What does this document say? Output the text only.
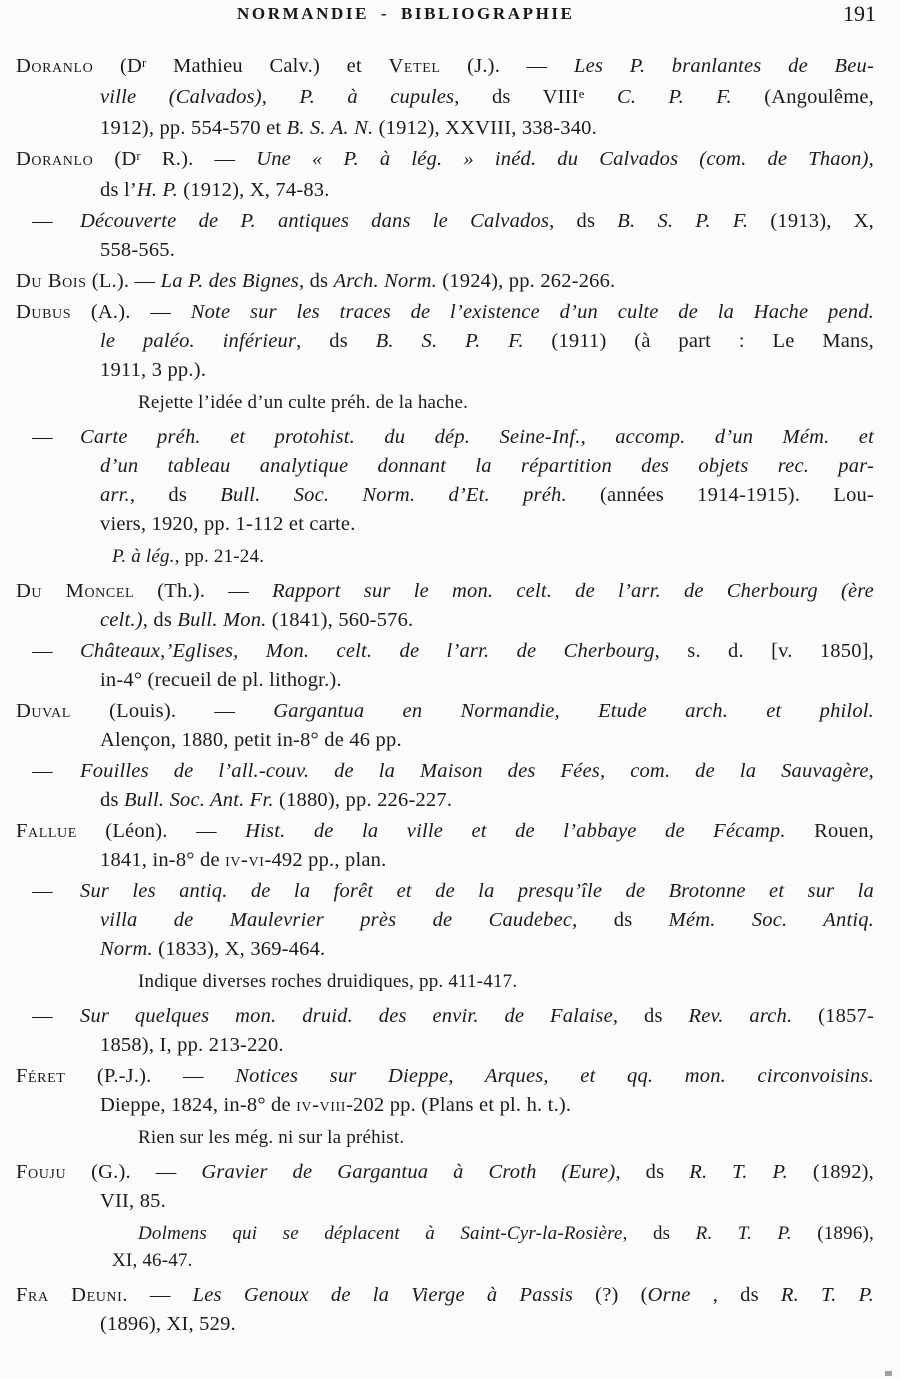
NORMANDIE - BIBLIOGRAPHIE	191
Doranlo ($D^r$ Mathieu Calv.) et Vetel (J.). — Les P. branlantes de Beu-
ville (Calvados), P. à cupules, ds VIIIe C. P. F. (Angoulême,
1912), pp. 554-570 et B. S. A. N. (1912), XXVIII, 338-340.
Doranlo ($D^r$ R.). — Une « P. à lég. » inéd. du Calvados (com. de Thaon),
ds l’H. P. (1912), X, 74-83.
— Découverte de P. antiques dans le Calvados, ds B. S. P. F. (1913), X,
558-565.
Du Bois (L.). — La P. des Bignes, ds Arch. Norm. (1924), pp. 262-266.
Dubus (A.). — Note sur les traces de l’existence d’un culte de la Hache pend.
le paléo. inférieur, ds B. S. P. F. (1911) (à part : Le Mans,
1911, 3 pp.).
Rejette l’idée d’un culte préh. de la hache.
— Carte préh. et protohist. du dép. Seine-Inf., accomp. d’un Mém. et
d’un tableau analytique donnant la répartition des objets rec. par-
arr., ds Bull. Soc. Norm. d’Et. préh. (années 1914-1915). Lou-
viers, 1920, pp. 1-112 et carte.
P. à lég., pp. 21-24.
Du Moncel (Th.). — Rapport sur le mon. celt. de l’arr. de Cherbourg (ère
celt.), ds Bull. Mon. (1841), 560-576.
— Châteaux,’Eglises, Mon. celt. de l’arr. de Cherbourg, s. d. [v. 1850],
in-4° (recueil de pl. lithogr.).
Duval (Louis). — Gargantua en Normandie, Etude arch. et philol.
Alençon, 1880, petit in-8° de 46 pp.
— Fouilles de l’all.-couv. de la Maison des Fées, com. de la Sauvagère,
ds Bull. Soc. Ant. Fr. (1880), pp. 226-227.
Fallue (Léon). — Hist. de la ville et de l’abbaye de Fécamp. Rouen,
1841, in-8° de iv-vi-492 pp., plan.
— Sur les antiq. de la forêt et de la presqu’île de Brotonne et sur la
villa de Maulevrier près de Caudebec, ds Mém. Soc. Antiq.
Norm. (1833), X, 369-464.
Indique diverses roches druidiques, pp. 411-417.
— Sur quelques mon. druid. des envir. de Falaise, ds Rev. arch. (1857-
1858), I, pp. 213-220.
Féret (P.-J.). — Notices sur Dieppe, Arques, et qq. mon. circonvoisins.
Dieppe, 1824, in-8° de iv-viii-202 pp. (Plans et pl. h. t.).
Rien sur les még. ni sur la préhist.
Fouju (G.). — Gravier de Gargantua à Croth (Eure), ds R. T. P. (1892),
VII, 85.
Dolmens qui se déplacent à Saint-Cyr-la-Rosière, ds R. T. P. (1896),
XI, 46-47.
Fra Deuni. — Les Genoux de la Vierge à Passis (?) (Orne , ds R. T. P.
(1896), XI, 529.
